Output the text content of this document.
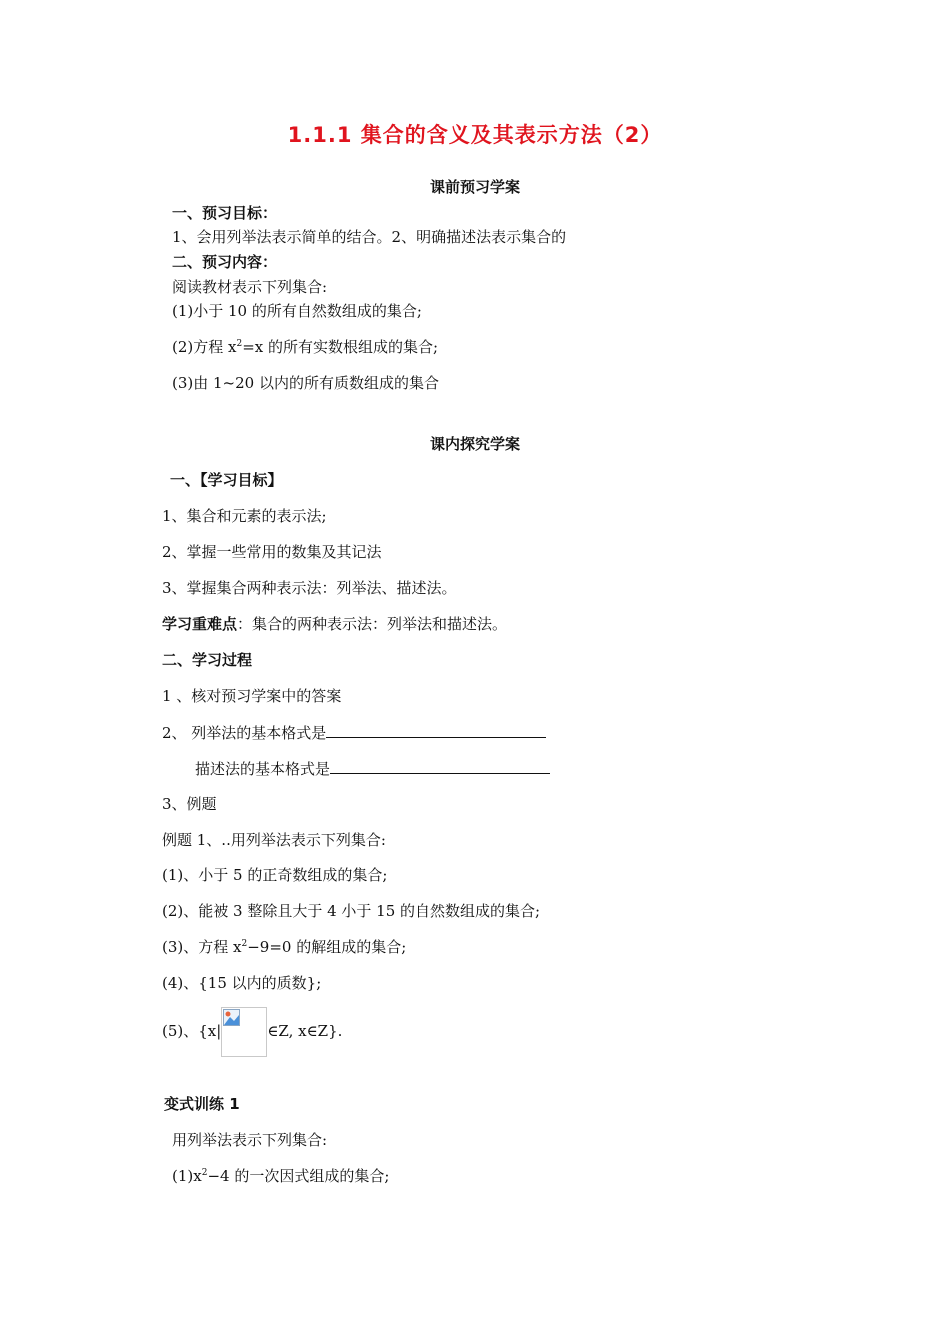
1.1.1 集合的含义及其表示方法（2）
课前预习学案
一、预习目标：
1、会用列举法表示简单的结合。2、明确描述法表示集合的
二、预习内容：
阅读教材表示下列集合:
(1)小于 10 的所有自然数组成的集合;
(2)方程 $x^2=x$ 的所有实数根组成的集合;
(3)由 1~20 以内的所有质数组成的集合
课内探究学案
一、【学习目标】
1、集合和元素的表示法;
2、掌握一些常用的数集及其记法
3、掌握集合两种表示法：列举法、描述法。
学习重难点：集合的两种表示法：列举法和描述法。
二、学习过程
1 、核对预习学案中的答案
2、 列举法的基本格式是
描述法的基本格式是
3、例题
例题 1、..用列举法表示下列集合:
(1)、小于 5 的正奇数组成的集合;
(2)、能被 3 整除且大于 4 小于 15 的自然数组成的集合;
(3)、方程 $x^2-9=0$ 的解组成的集合;
(4)、{15 以内的质数};
(5)、{x|	∈Z, x∈Z}.
变式训练 1
用列举法表示下列集合:
$(1)x^2-4$ 的一次因式组成的集合;
